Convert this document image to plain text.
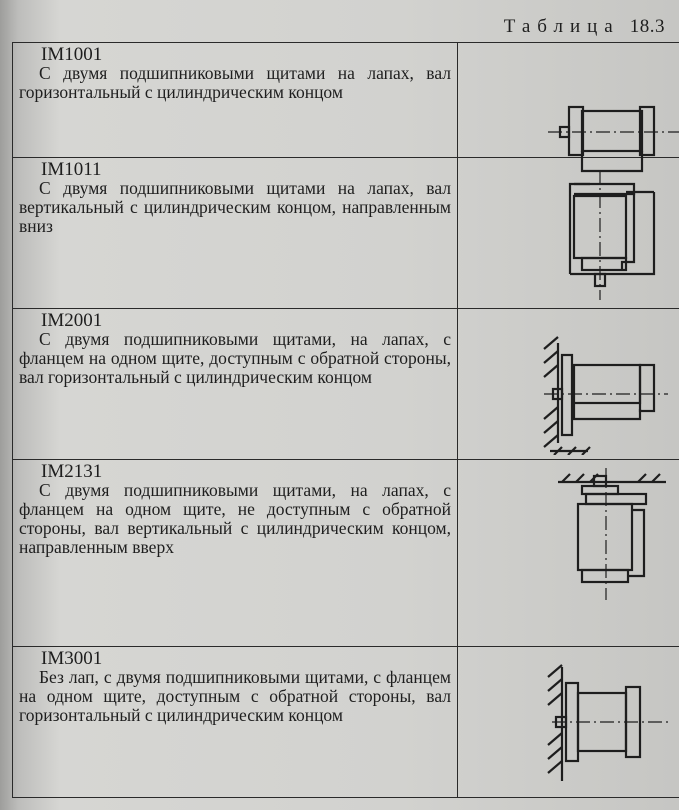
Таблица 18.3
IM1001
С двумя подшипниковыми щитами на лапах, вал горизонтальный с цилиндрическим концом

IM1011
С двумя подшипниковыми щитами на лапах, вал вертикальный с цилиндрическим концом, направленным вниз

IM2001
С двумя подшипниковыми щитами, на лапах, с фланцем на одном щите, доступным с обратной стороны, вал горизонтальный с цилиндрическим концом

IM2131
С двумя подшипниковыми щитами, на лапах, с фланцем на одном щите, не доступным с обратной стороны, вал вертикальный с цилиндрическим концом, направленным вверх

IM3001
Без лап, с двумя подшипниковыми щитами, с фланцем на одном щите, доступным с обратной стороны, вал горизонтальный с цилиндрическим концом
